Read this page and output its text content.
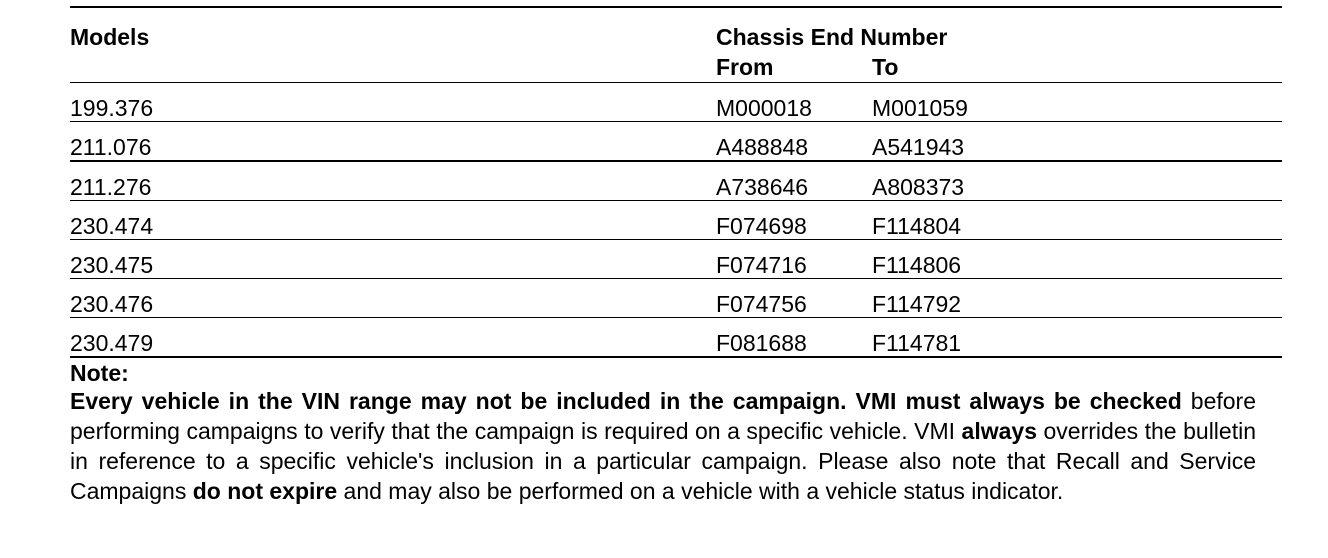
Models	Chassis End Number	
	From	To
199.376	M000018	M001059
211.076	A488848	A541943
211.276	A738646	A808373
230.474	F074698	F114804
230.475	F074716	F114806
230.476	F074756	F114792
230.479	F081688	F114781
Note:
Every vehicle in the VIN range may not be included in the campaign. VMI must always be checked before performing campaigns to verify that the campaign is required on a specific vehicle. VMI always overrides the bulletin in reference to a specific vehicle's inclusion in a particular campaign. Please also note that Recall and Service Campaigns do not expire and may also be performed on a vehicle with a vehicle status indicator.
